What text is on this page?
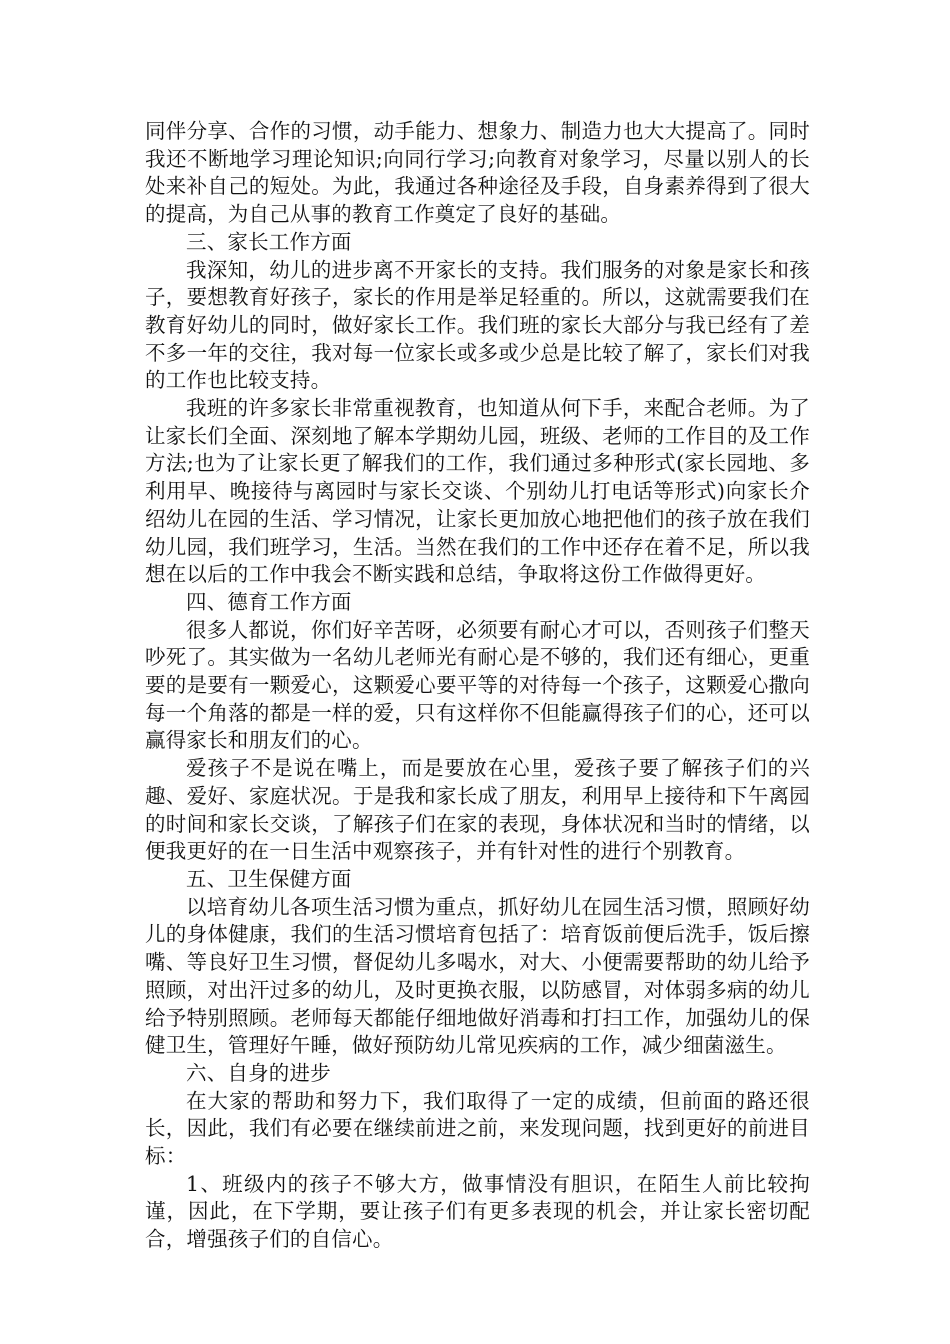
同伴分享、合作的习惯，动手能力、想象力、制造力也大大提高了。同时我还不断地学习理论知识;向同行学习;向教育对象学习，尽量以别人的长处来补自己的短处。为此，我通过各种途径及手段，自身素养得到了很大的提高，为自己从事的教育工作奠定了良好的基础。

三、家长工作方面

我深知，幼儿的进步离不开家长的支持。我们服务的对象是家长和孩子，要想教育好孩子，家长的作用是举足轻重的。所以，这就需要我们在教育好幼儿的同时，做好家长工作。我们班的家长大部分与我已经有了差不多一年的交往，我对每一位家长或多或少总是比较了解了，家长们对我的工作也比较支持。

我班的许多家长非常重视教育，也知道从何下手，来配合老师。为了让家长们全面、深刻地了解本学期幼儿园，班级、老师的工作目的及工作方法;也为了让家长更了解我们的工作，我们通过多种形式(家长园地、多利用早、晚接待与离园时与家长交谈、个别幼儿打电话等形式)向家长介绍幼儿在园的生活、学习情况，让家长更加放心地把他们的孩子放在我们幼儿园，我们班学习，生活。当然在我们的工作中还存在着不足，所以我想在以后的工作中我会不断实践和总结，争取将这份工作做得更好。

四、德育工作方面

很多人都说，你们好辛苦呀，必须要有耐心才可以，否则孩子们整天吵死了。其实做为一名幼儿老师光有耐心是不够的，我们还有细心，更重要的是要有一颗爱心，这颗爱心要平等的对待每一个孩子，这颗爱心撒向每一个角落的都是一样的爱，只有这样你不但能赢得孩子们的心，还可以赢得家长和朋友们的心。

爱孩子不是说在嘴上，而是要放在心里，爱孩子要了解孩子们的兴趣、爱好、家庭状况。于是我和家长成了朋友，利用早上接待和下午离园的时间和家长交谈，了解孩子们在家的表现，身体状况和当时的情绪，以便我更好的在一日生活中观察孩子，并有针对性的进行个别教育。

五、卫生保健方面

以培育幼儿各项生活习惯为重点，抓好幼儿在园生活习惯，照顾好幼儿的身体健康，我们的生活习惯培育包括了：培育饭前便后洗手，饭后擦嘴、等良好卫生习惯，督促幼儿多喝水，对大、小便需要帮助的幼儿给予照顾，对出汗过多的幼儿，及时更换衣服，以防感冒，对体弱多病的幼儿给予特别照顾。老师每天都能仔细地做好消毒和打扫工作，加强幼儿的保健卫生，管理好午睡，做好预防幼儿常见疾病的工作，减少细菌滋生。

六、自身的进步

在大家的帮助和努力下，我们取得了一定的成绩，但前面的路还很长，因此，我们有必要在继续前进之前，来发现问题，找到更好的前进目标：

1、班级内的孩子不够大方，做事情没有胆识，在陌生人前比较拘谨，因此，在下学期，要让孩子们有更多表现的机会，并让家长密切配合，增强孩子们的自信心。
